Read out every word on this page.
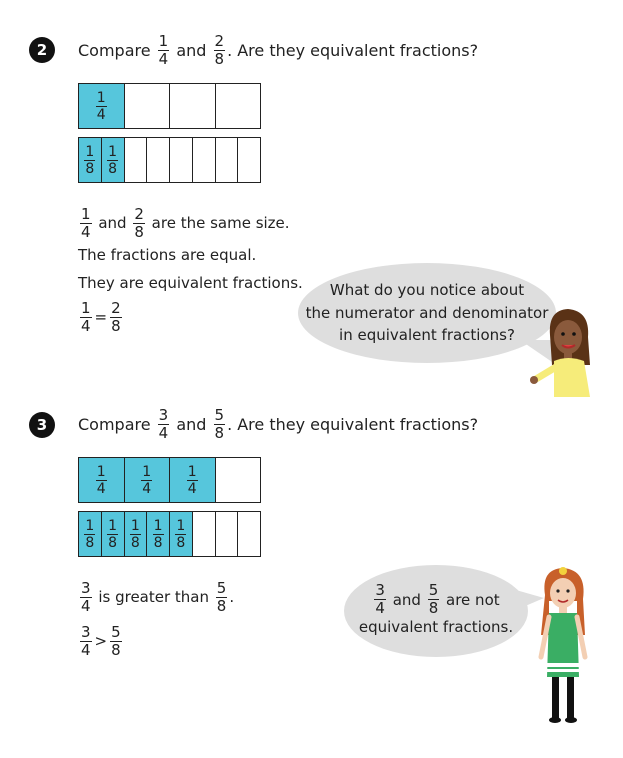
2 Compare
$\frac{1}{4}$
and
$\frac{2}{8}$ . Are they equivalent fractions?
$\frac{1}{4}$
$\frac{1}{8} \frac{1}{8}$
$\frac{1}{4}$
and
$\frac{2}{8}$
are the same size.
The fractions are equal.
They are equivalent fractions.
$\frac{1}{4} = \frac{2}{8}$
What do you notice about
the numerator and denominator
in equivalent fractions?
3 Compare
$\frac{3}{4}$
and
$\frac{5}{8}$ . Are they equivalent fractions?
$\frac{1}{4} \frac{1}{4} \frac{1}{4}$
$\frac{1}{8} \frac{1}{8} \frac{1}{8} \frac{1}{8} \frac{1}{8}$
$\frac{3}{4}$
is greater than
$\frac{5}{8}$ .
$\frac{3}{4} > \frac{5}{8}$
$\frac{3}{4}$
and
$\frac{5}{8}$
are not
equivalent fractions.
